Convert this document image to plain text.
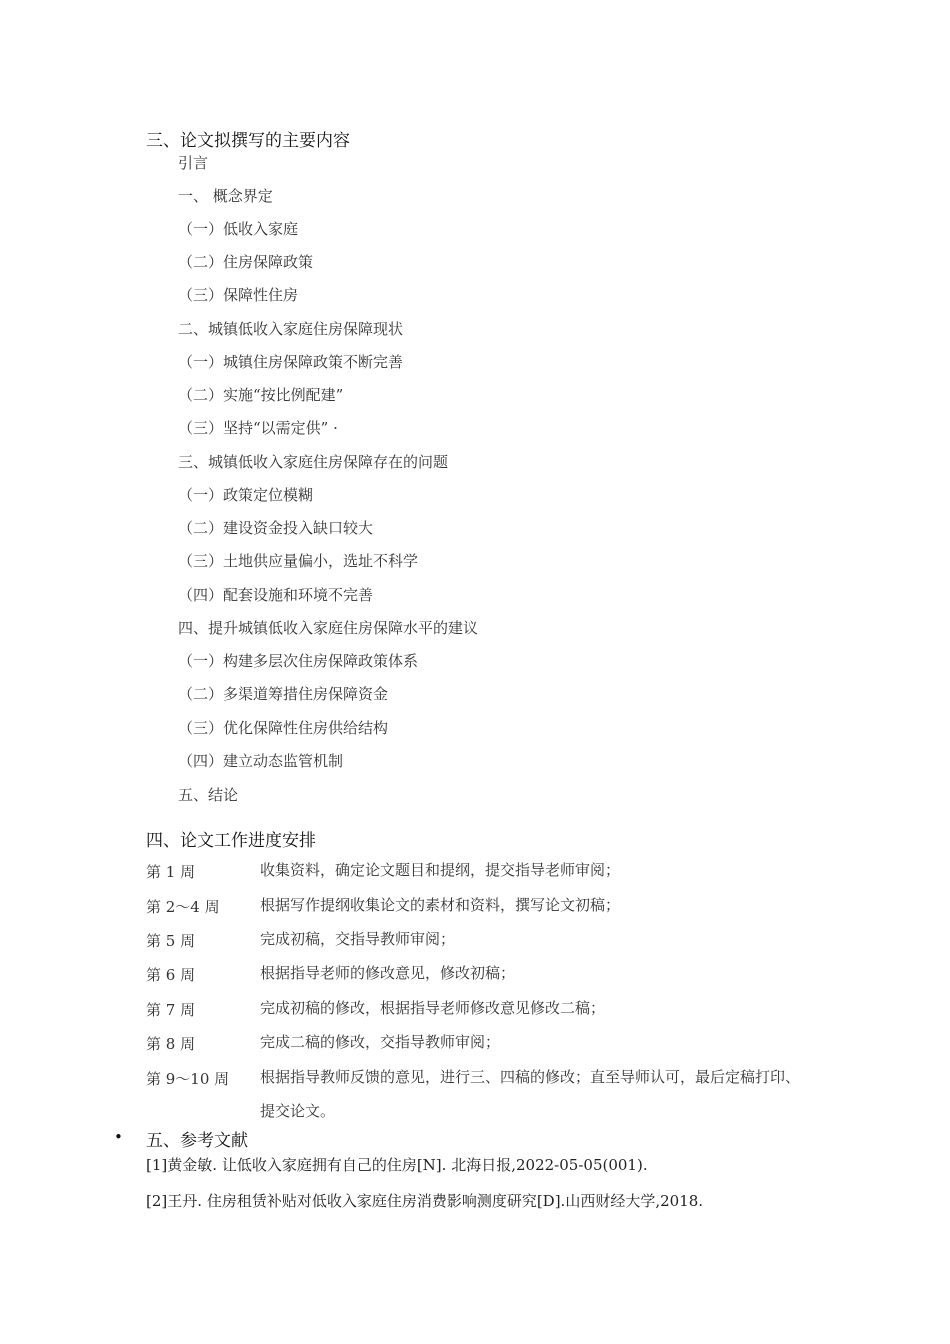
三、论文拟撰写的主要内容
引言
一、 概念界定
（一）低收入家庭
（二）住房保障政策
（三）保障性住房
二、城镇低收入家庭住房保障现状
（一）城镇住房保障政策不断完善
（二）实施“按比例配建”
（三）坚持“以需定供” ·
三、城镇低收入家庭住房保障存在的问题
（一）政策定位模糊
（二）建设资金投入缺口较大
（三）土地供应量偏小，选址不科学
（四）配套设施和环境不完善
四、提升城镇低收入家庭住房保障水平的建议
（一）构建多层次住房保障政策体系
（二）多渠道筹措住房保障资金
（三）优化保障性住房供给结构
（四）建立动态监管机制
五、结论
四、论文工作进度安排
第 1 周	收集资料，确定论文题目和提纲，提交指导老师审阅；
第 2～4 周	根据写作提纲收集论文的素材和资料，撰写论文初稿；
第 5 周	完成初稿，交指导教师审阅；
第 6 周	根据指导老师的修改意见，修改初稿；
第 7 周	完成初稿的修改，根据指导老师修改意见修改二稿；
第 8 周	完成二稿的修改，交指导教师审阅；
第 9～10 周 根据指导教师反馈的意见，进行三、四稿的修改；直至导师认可，最后定稿打印、提交论文。
• 五、参考文献
[1]黄金敏. 让低收入家庭拥有自己的住房[N]. 北海日报,2022-05-05(001).
[2]王丹. 住房租赁补贴对低收入家庭住房消费影响测度研究[D].山西财经大学,2018.
